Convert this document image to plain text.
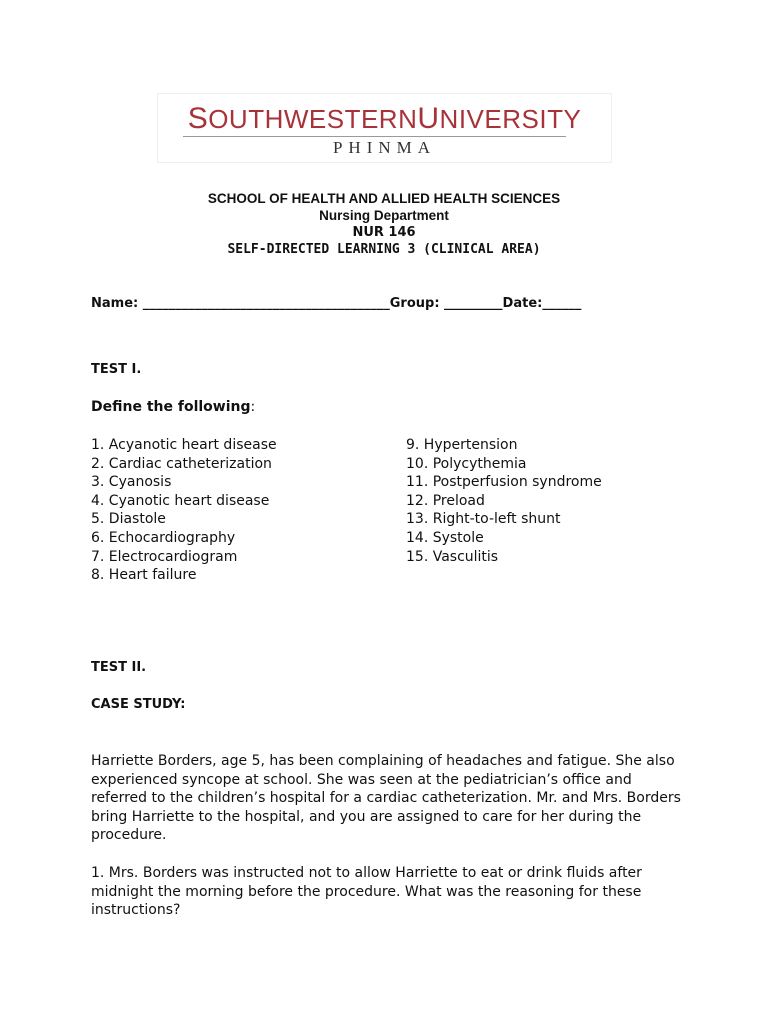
SOUTHWESTERNUNIVERSITY
PHINMA
SCHOOL OF HEALTH AND ALLIED HEALTH SCIENCES
Nursing Department
NUR 146
SELF-DIRECTED LEARNING 3 (CLINICAL AREA)
Name: ______________________________________Group: _________Date:______
TEST I.
Define the following:
1. Acyanotic heart disease
2. Cardiac catheterization
3. Cyanosis
4. Cyanotic heart disease
5. Diastole
6. Echocardiography
7. Electrocardiogram
8. Heart failure
9. Hypertension
10. Polycythemia
11. Postperfusion syndrome
12. Preload
13. Right-to-left shunt
14. Systole
15. Vasculitis
TEST II.
CASE STUDY:
Harriette Borders, age 5, has been complaining of headaches and fatigue. She also experienced syncope at school. She was seen at the pediatrician’s office and referred to the children’s hospital for a cardiac catheterization. Mr. and Mrs. Borders bring Harriette to the hospital, and you are assigned to care for her during the procedure.
1. Mrs. Borders was instructed not to allow Harriette to eat or drink fluids after midnight the morning before the procedure. What was the reasoning for these instructions?
